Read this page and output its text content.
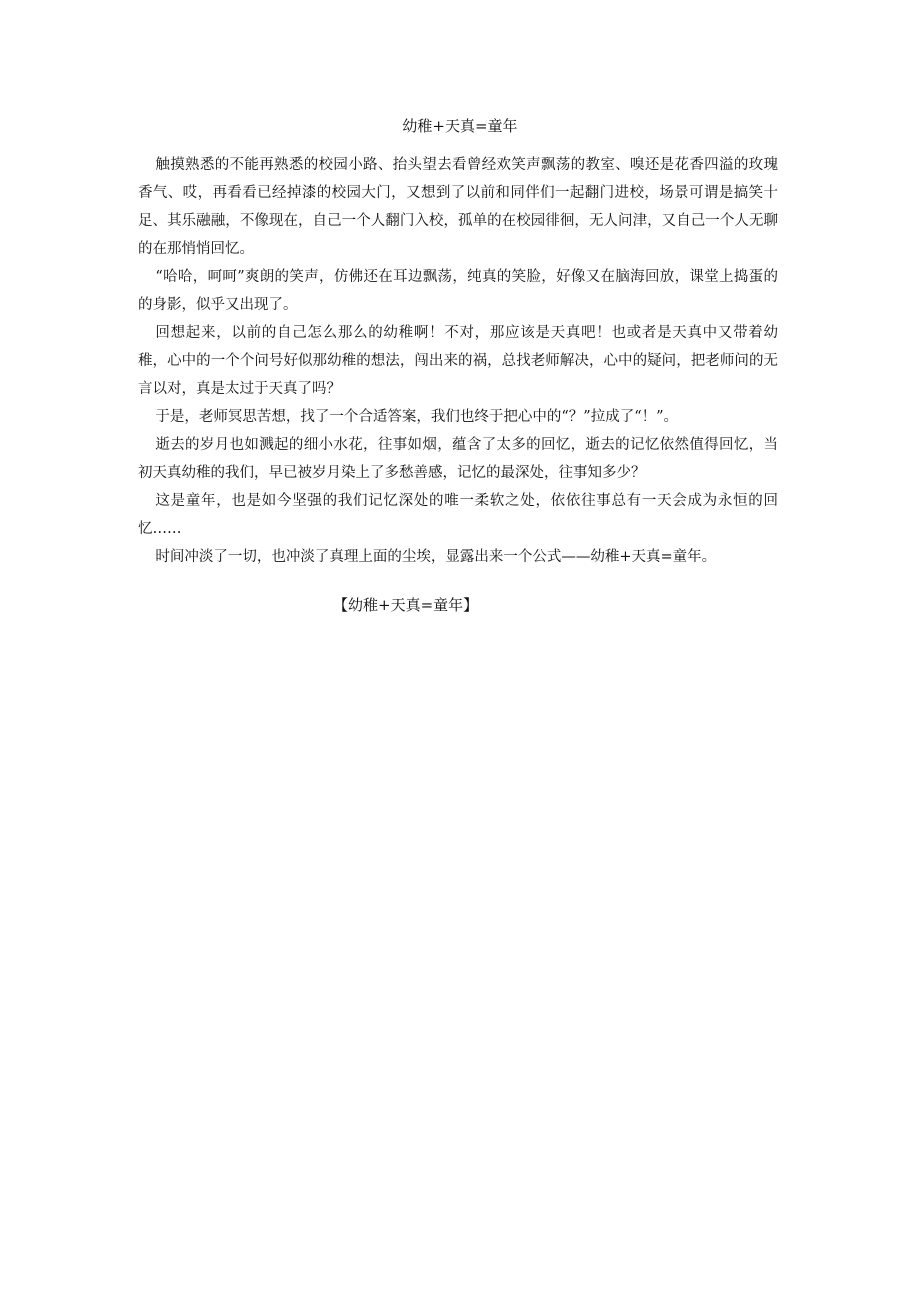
幼稚+天真=童年

触摸熟悉的不能再熟悉的校园小路、抬头望去看曾经欢笑声飘荡的教室、嗅还是花香四溢的玫瑰香气、哎，再看看已经掉漆的校园大门，又想到了以前和同伴们一起翻门进校，场景可谓是搞笑十足、其乐融融，不像现在，自己一个人翻门入校，孤单的在校园徘徊，无人问津，又自己一个人无聊的在那悄悄回忆。

“哈哈，呵呵”爽朗的笑声，仿佛还在耳边飘荡，纯真的笑脸，好像又在脑海回放，课堂上捣蛋的的身影，似乎又出现了。

回想起来，以前的自己怎么那么的幼稚啊！不对，那应该是天真吧！也或者是天真中又带着幼稚，心中的一个个问号好似那幼稚的想法，闯出来的祸，总找老师解决，心中的疑问，把老师问的无言以对，真是太过于天真了吗？

于是，老师冥思苦想，找了一个合适答案，我们也终于把心中的“？”拉成了“！”。

逝去的岁月也如溅起的细小水花，往事如烟，蕴含了太多的回忆，逝去的记忆依然值得回忆，当初天真幼稚的我们，早已被岁月染上了多愁善感，记忆的最深处，往事知多少？

这是童年，也是如今坚强的我们记忆深处的唯一柔软之处，依依往事总有一天会成为永恒的回忆……

时间冲淡了一切，也冲淡了真理上面的尘埃，显露出来一个公式——幼稚+天真=童年。

【幼稚+天真=童年】
